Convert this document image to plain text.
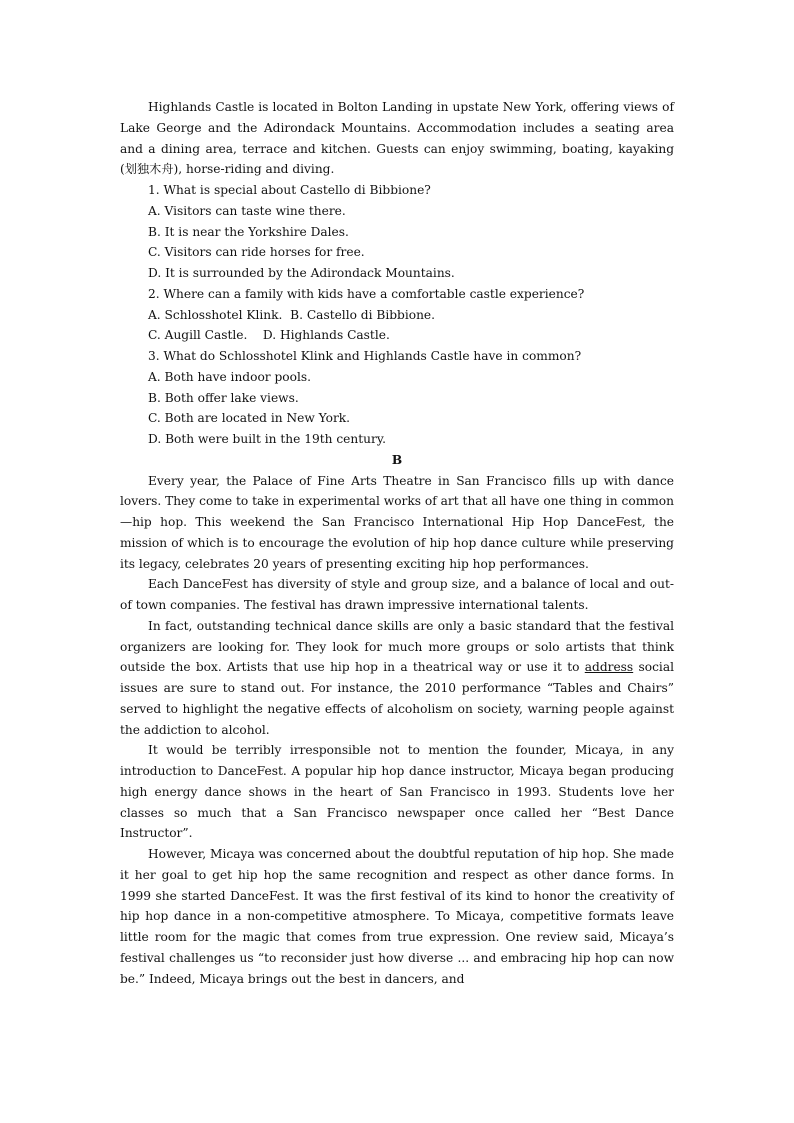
Highlands Castle is located in Bolton Landing in upstate New York, offering views of Lake George and the Adirondack Mountains. Accommodation includes a seating area and a dining area, terrace and kitchen. Guests can enjoy swimming, boating, kayaking (划独木舟), horse-riding and diving.

1. What is special about Castello di Bibbione?

A. Visitors can taste wine there.

B. It is near the Yorkshire Dales.

C. Visitors can ride horses for free.

D. It is surrounded by the Adirondack Mountains.

2. Where can a family with kids have a comfortable castle experience?

A. Schlosshotel Klink.  B. Castello di Bibbione.

C. Augill Castle.    D. Highlands Castle.

3. What do Schlosshotel Klink and Highlands Castle have in common?

A. Both have indoor pools.

B. Both offer lake views.

C. Both are located in New York.

D. Both were built in the 19th century.

B

Every year, the Palace of Fine Arts Theatre in San Francisco fills up with dance lovers. They come to take in experimental works of art that all have one thing in common—hip hop. This weekend the San Francisco International Hip Hop DanceFest, the mission of which is to encourage the evolution of hip hop dance culture while preserving its legacy, celebrates 20 years of presenting exciting hip hop performances.

Each DanceFest has diversity of style and group size, and a balance of local and out-of town companies. The festival has drawn impressive international talents.

In fact, outstanding technical dance skills are only a basic standard that the festival organizers are looking for. They look for much more groups or solo artists that think outside the box. Artists that use hip hop in a theatrical way or use it to address social issues are sure to stand out. For instance, the 2010 performance “Tables and Chairs” served to highlight the negative effects of alcoholism on society, warning people against the addiction to alcohol.

It would be terribly irresponsible not to mention the founder, Micaya, in any introduction to DanceFest. A popular hip hop dance instructor, Micaya began producing high energy dance shows in the heart of San Francisco in 1993. Students love her classes so much that a San Francisco newspaper once called her “Best Dance Instructor”.

However, Micaya was concerned about the doubtful reputation of hip hop. She made it her goal to get hip hop the same recognition and respect as other dance forms. In 1999 she started DanceFest. It was the first festival of its kind to honor the creativity of hip hop dance in a non-competitive atmosphere. To Micaya, competitive formats leave little room for the magic that comes from true expression. One review said, Micaya’s festival challenges us “to reconsider just how diverse ... and embracing hip hop can now be.” Indeed, Micaya brings out the best in dancers, and
